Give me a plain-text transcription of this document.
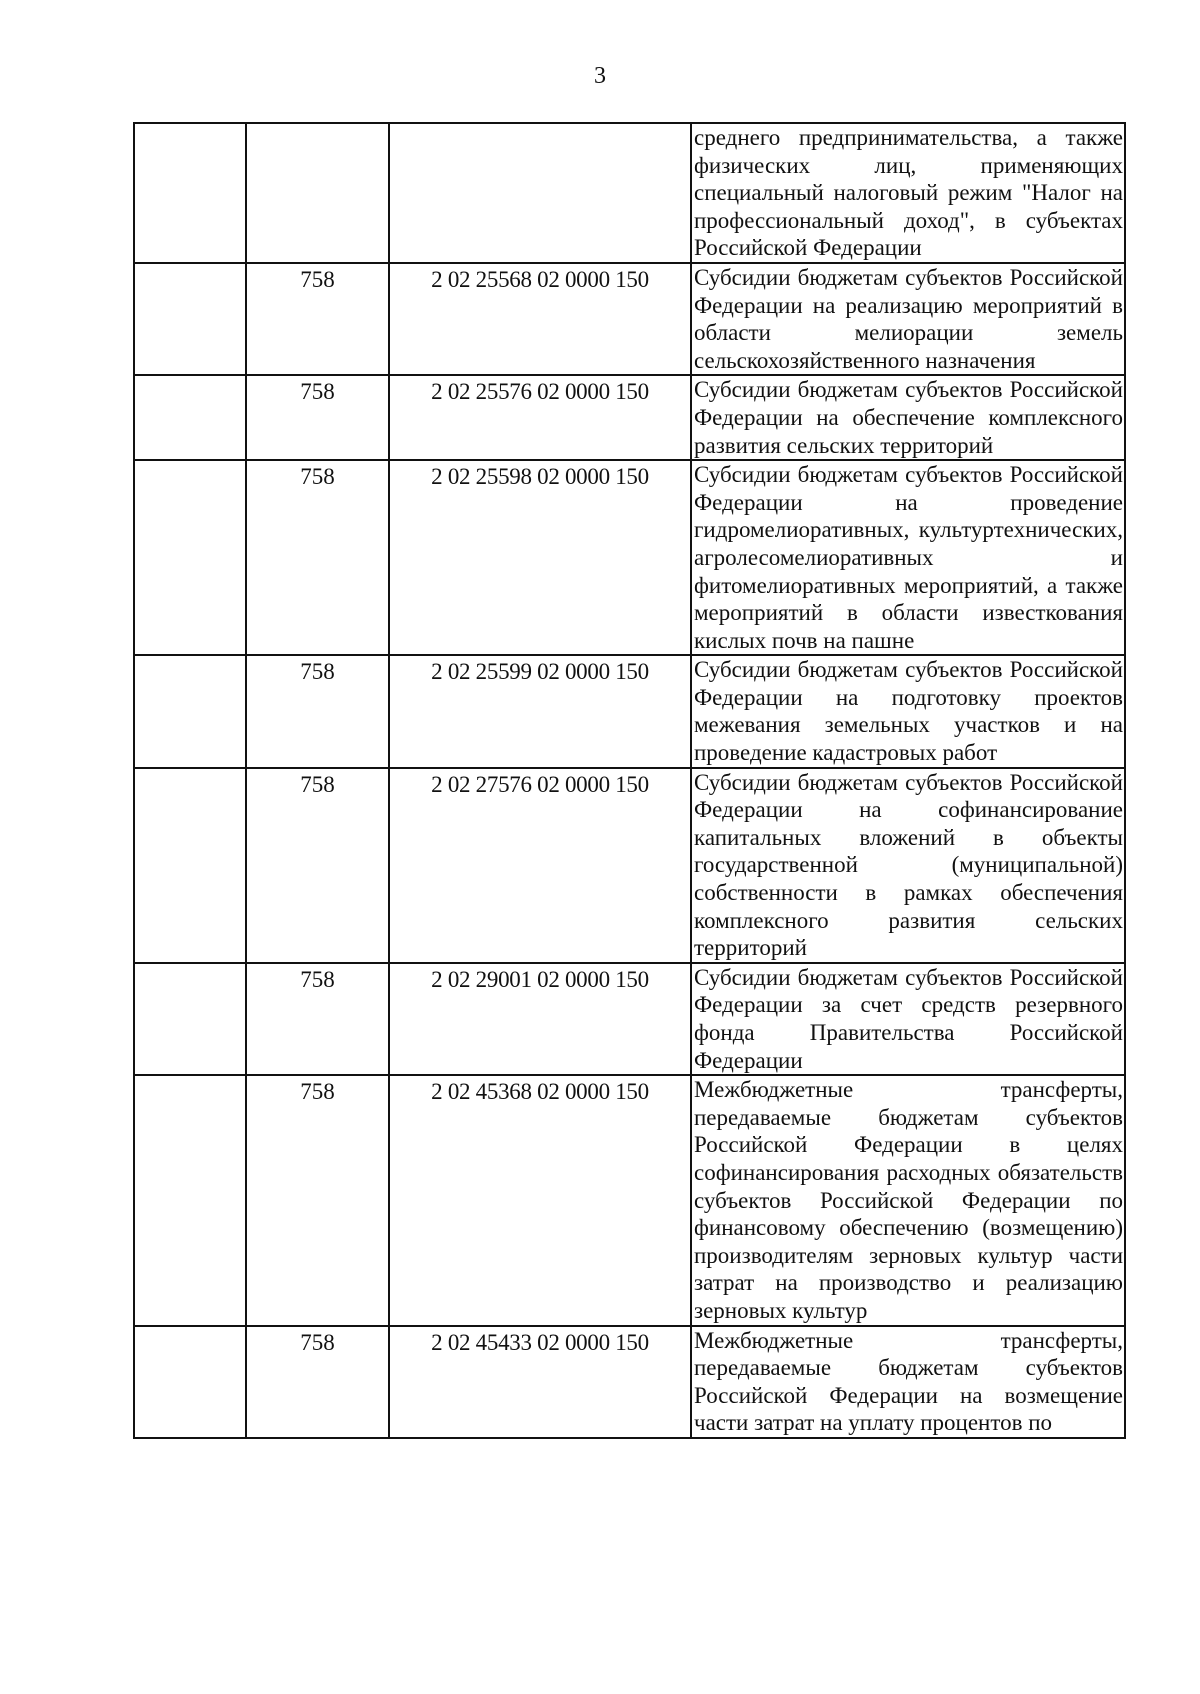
3

			среднего предпринимательства, а также физических лиц, применяющих специальный налоговый режим "Налог на профессиональный доход", в субъектах Российской Федерации

	758	2 02 25568 02 0000 150	Субсидии бюджетам субъектов Российской Федерации на реализацию мероприятий в области мелиорации земель сельскохозяйственного назначения

	758	2 02 25576 02 0000 150	Субсидии бюджетам субъектов Российской Федерации на обеспечение комплексного развития сельских территорий

	758	2 02 25598 02 0000 150	Субсидии бюджетам субъектов Российской Федерации на проведение гидромелиоративных, культуртехнических, агролесомелиоративных и фитомелиоративных мероприятий, а также мероприятий в области известкования кислых почв на пашне

	758	2 02 25599 02 0000 150	Субсидии бюджетам субъектов Российской Федерации на подготовку проектов межевания земельных участков и на проведение кадастровых работ

	758	2 02 27576 02 0000 150	Субсидии бюджетам субъектов Российской Федерации на софинансирование капитальных вложений в объекты государственной (муниципальной) собственности в рамках обеспечения комплексного развития сельских территорий

	758	2 02 29001 02 0000 150	Субсидии бюджетам субъектов Российской Федерации за счет средств резервного фонда Правительства Российской Федерации

	758	2 02 45368 02 0000 150	Межбюджетные трансферты, передаваемые бюджетам субъектов Российской Федерации в целях софинансирования расходных обязательств субъектов Российской Федерации по финансовому обеспечению (возмещению) производителям зерновых культур части затрат на производство и реализацию зерновых культур

	758	2 02 45433 02 0000 150	Межбюджетные трансферты, передаваемые бюджетам субъектов Российской Федерации на возмещение части затрат на уплату процентов по
